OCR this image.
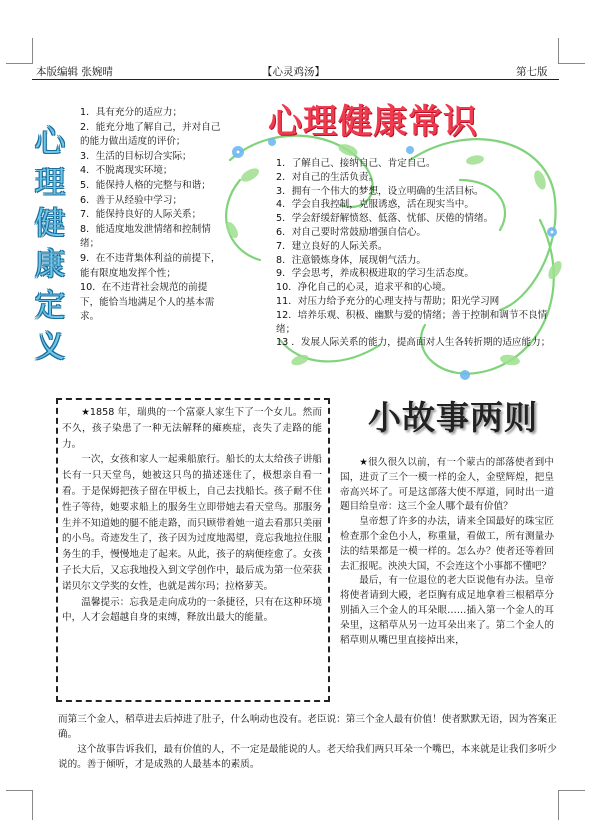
本版编辑 张婉晴	【心灵鸡汤】	第七版
心
理
健
康
定
义
1．具有充分的适应力；
2．能充分地了解自己，并对自己的能力做出适度的评价；
3．生活的目标切合实际；
4．不脱离现实环境；
5．能保持人格的完整与和谐；
6．善于从经验中学习；
7．能保持良好的人际关系；
8．能适度地发泄情绪和控制情绪；
9．在不违背集体利益的前提下，能有限度地发挥个性；
10．在不违背社会规范的前提下，能恰当地满足个人的基本需求。
心理健康常识
1．了解自己、接纳自己、肯定自己。
2．对自己的生活负责。
3．拥有一个伟大的梦想，设立明确的生活目标。
4．学会自我控制，克服诱惑，活在现实当中。
5．学会舒缓舒解愤怒、低落、忧郁、厌倦的情绪。
6．对自己要时常鼓励增强自信心。
7．建立良好的人际关系。
8．注意锻炼身体，展现朝气活力。
9．学会思考，养成积极进取的学习生活态度。
10．净化自己的心灵，追求平和的心境。
11．对压力给予充分的心理支持与帮助；阳光学习网
12．培养乐观、积极、幽默与爱的情绪；善于控制和调节不良情绪；
13 ．发展人际关系的能力，提高面对人生各转折期的适应能力；

★1858 年，瑞典的一个富豪人家生下了一个女儿。然而不久，孩子染患了一种无法解释的瘫痪症，丧失了走路的能力。

一次，女孩和家人一起乘船旅行。船长的太太给孩子讲船长有一只天堂鸟，她被这只鸟的描述迷住了，极想亲自看一看。于是保姆把孩子留在甲板上，自己去找船长。孩子耐不住性子等待，她要求船上的服务生立即带她去看天堂鸟。那服务生并不知道她的腿不能走路，而只顾带着她一道去看那只美丽的小鸟。奇迹发生了，孩子因为过度地渴望，竟忘我地拉住服务生的手，慢慢地走了起来。从此，孩子的病便痊愈了。女孩子长大后，又忘我地投入到文学创作中，最后成为第一位荣获诺贝尔文学奖的女性，也就是茜尔玛；拉格萝芙。

温馨提示：忘我是走向成功的一条捷径，只有在这种环境中，人才会超越自身的束缚，释放出最大的能量。

小故事两则

★很久很久以前，有一个蒙古的部落使者到中国，进贡了三个一模一样的金人，金壁辉煌，把皇帝高兴坏了。可是这部落大使不厚道，同时出一道题目给皇帝：这三个金人哪个最有价值？

皇帝想了许多的办法，请来全国最好的珠宝匠检查那个金色小人，称重量，看做工，所有测量办法的结果都是一模一样的。怎么办？使者还等着回去汇报呢。泱泱大国，不会连这个小事都不懂吧？

最后，有一位退位的老大臣说他有办法。皇帝将使者请到大殿，老臣胸有成足地拿着三根稻草分别插入三个金人的耳朵眼……插入第一个金人的耳朵里，这稻草从另一边耳朵出来了。第二个金人的稻草则从嘴巴里直接掉出来，

而第三个金人，稻草进去后掉进了肚子，什么响动也没有。老臣说：第三个金人最有价值！使者默默无语，因为答案正确。

这个故事告诉我们，最有价值的人，不一定是最能说的人。老天给我们两只耳朵一个嘴巴，本来就是让我们多听少说的。善于倾听，才是成熟的人最基本的素质。
